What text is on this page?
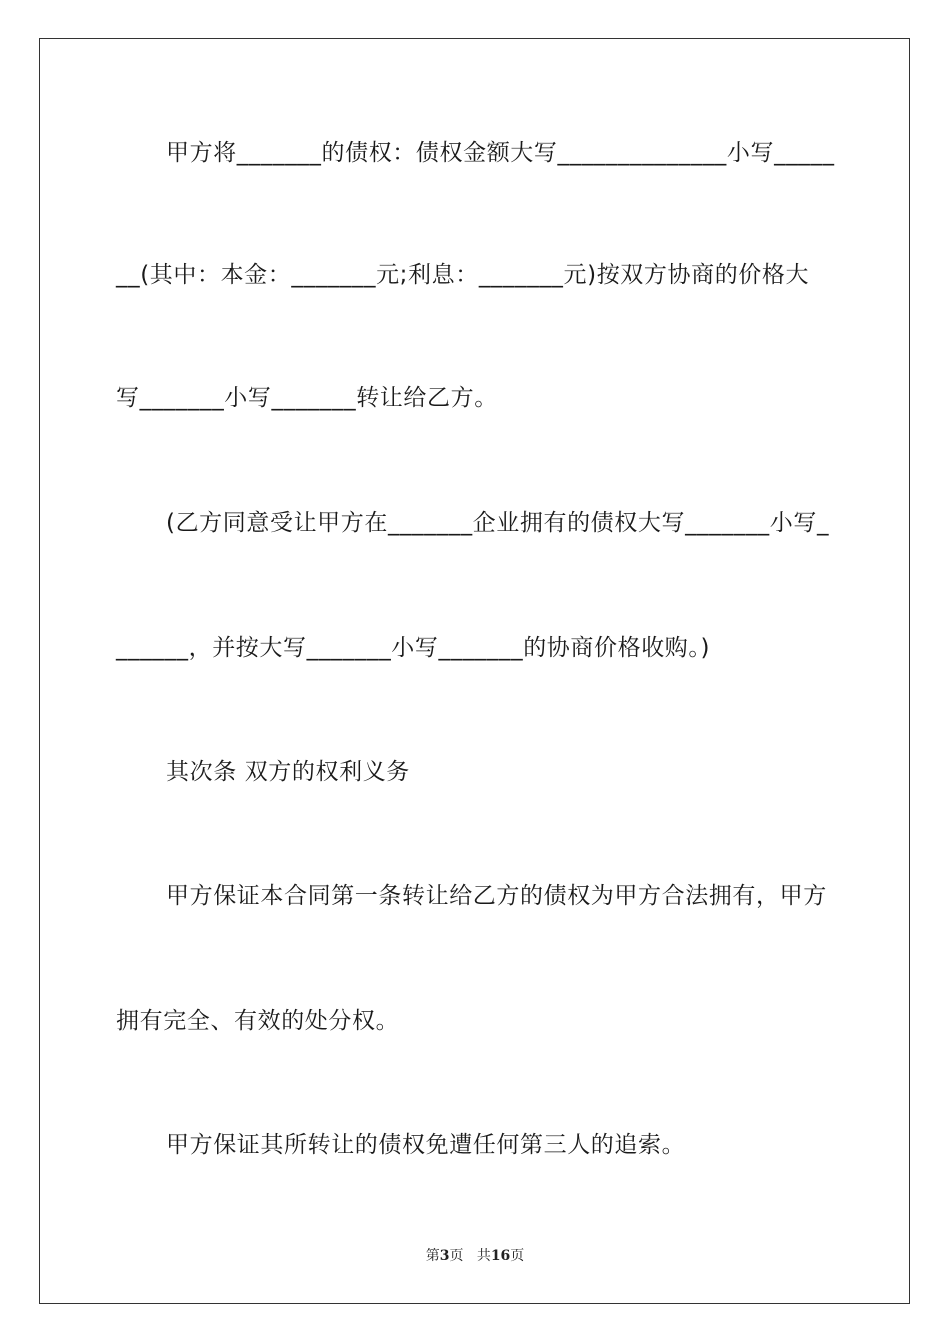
甲方将_______的债权：债权金额大写______________小写_____
__(其中：本金：_______元;利息：_______元)按双方协商的价格大
写_______小写_______转让给乙方。
(乙方同意受让甲方在_______企业拥有的债权大写_______小写_
______，并按大写_______小写_______的协商价格收购。)
其次条 双方的权利义务
甲方保证本合同第一条转让给乙方的债权为甲方合法拥有，甲方
拥有完全、有效的处分权。
甲方保证其所转让的债权免遭任何第三人的追索。
第3页 共16页
